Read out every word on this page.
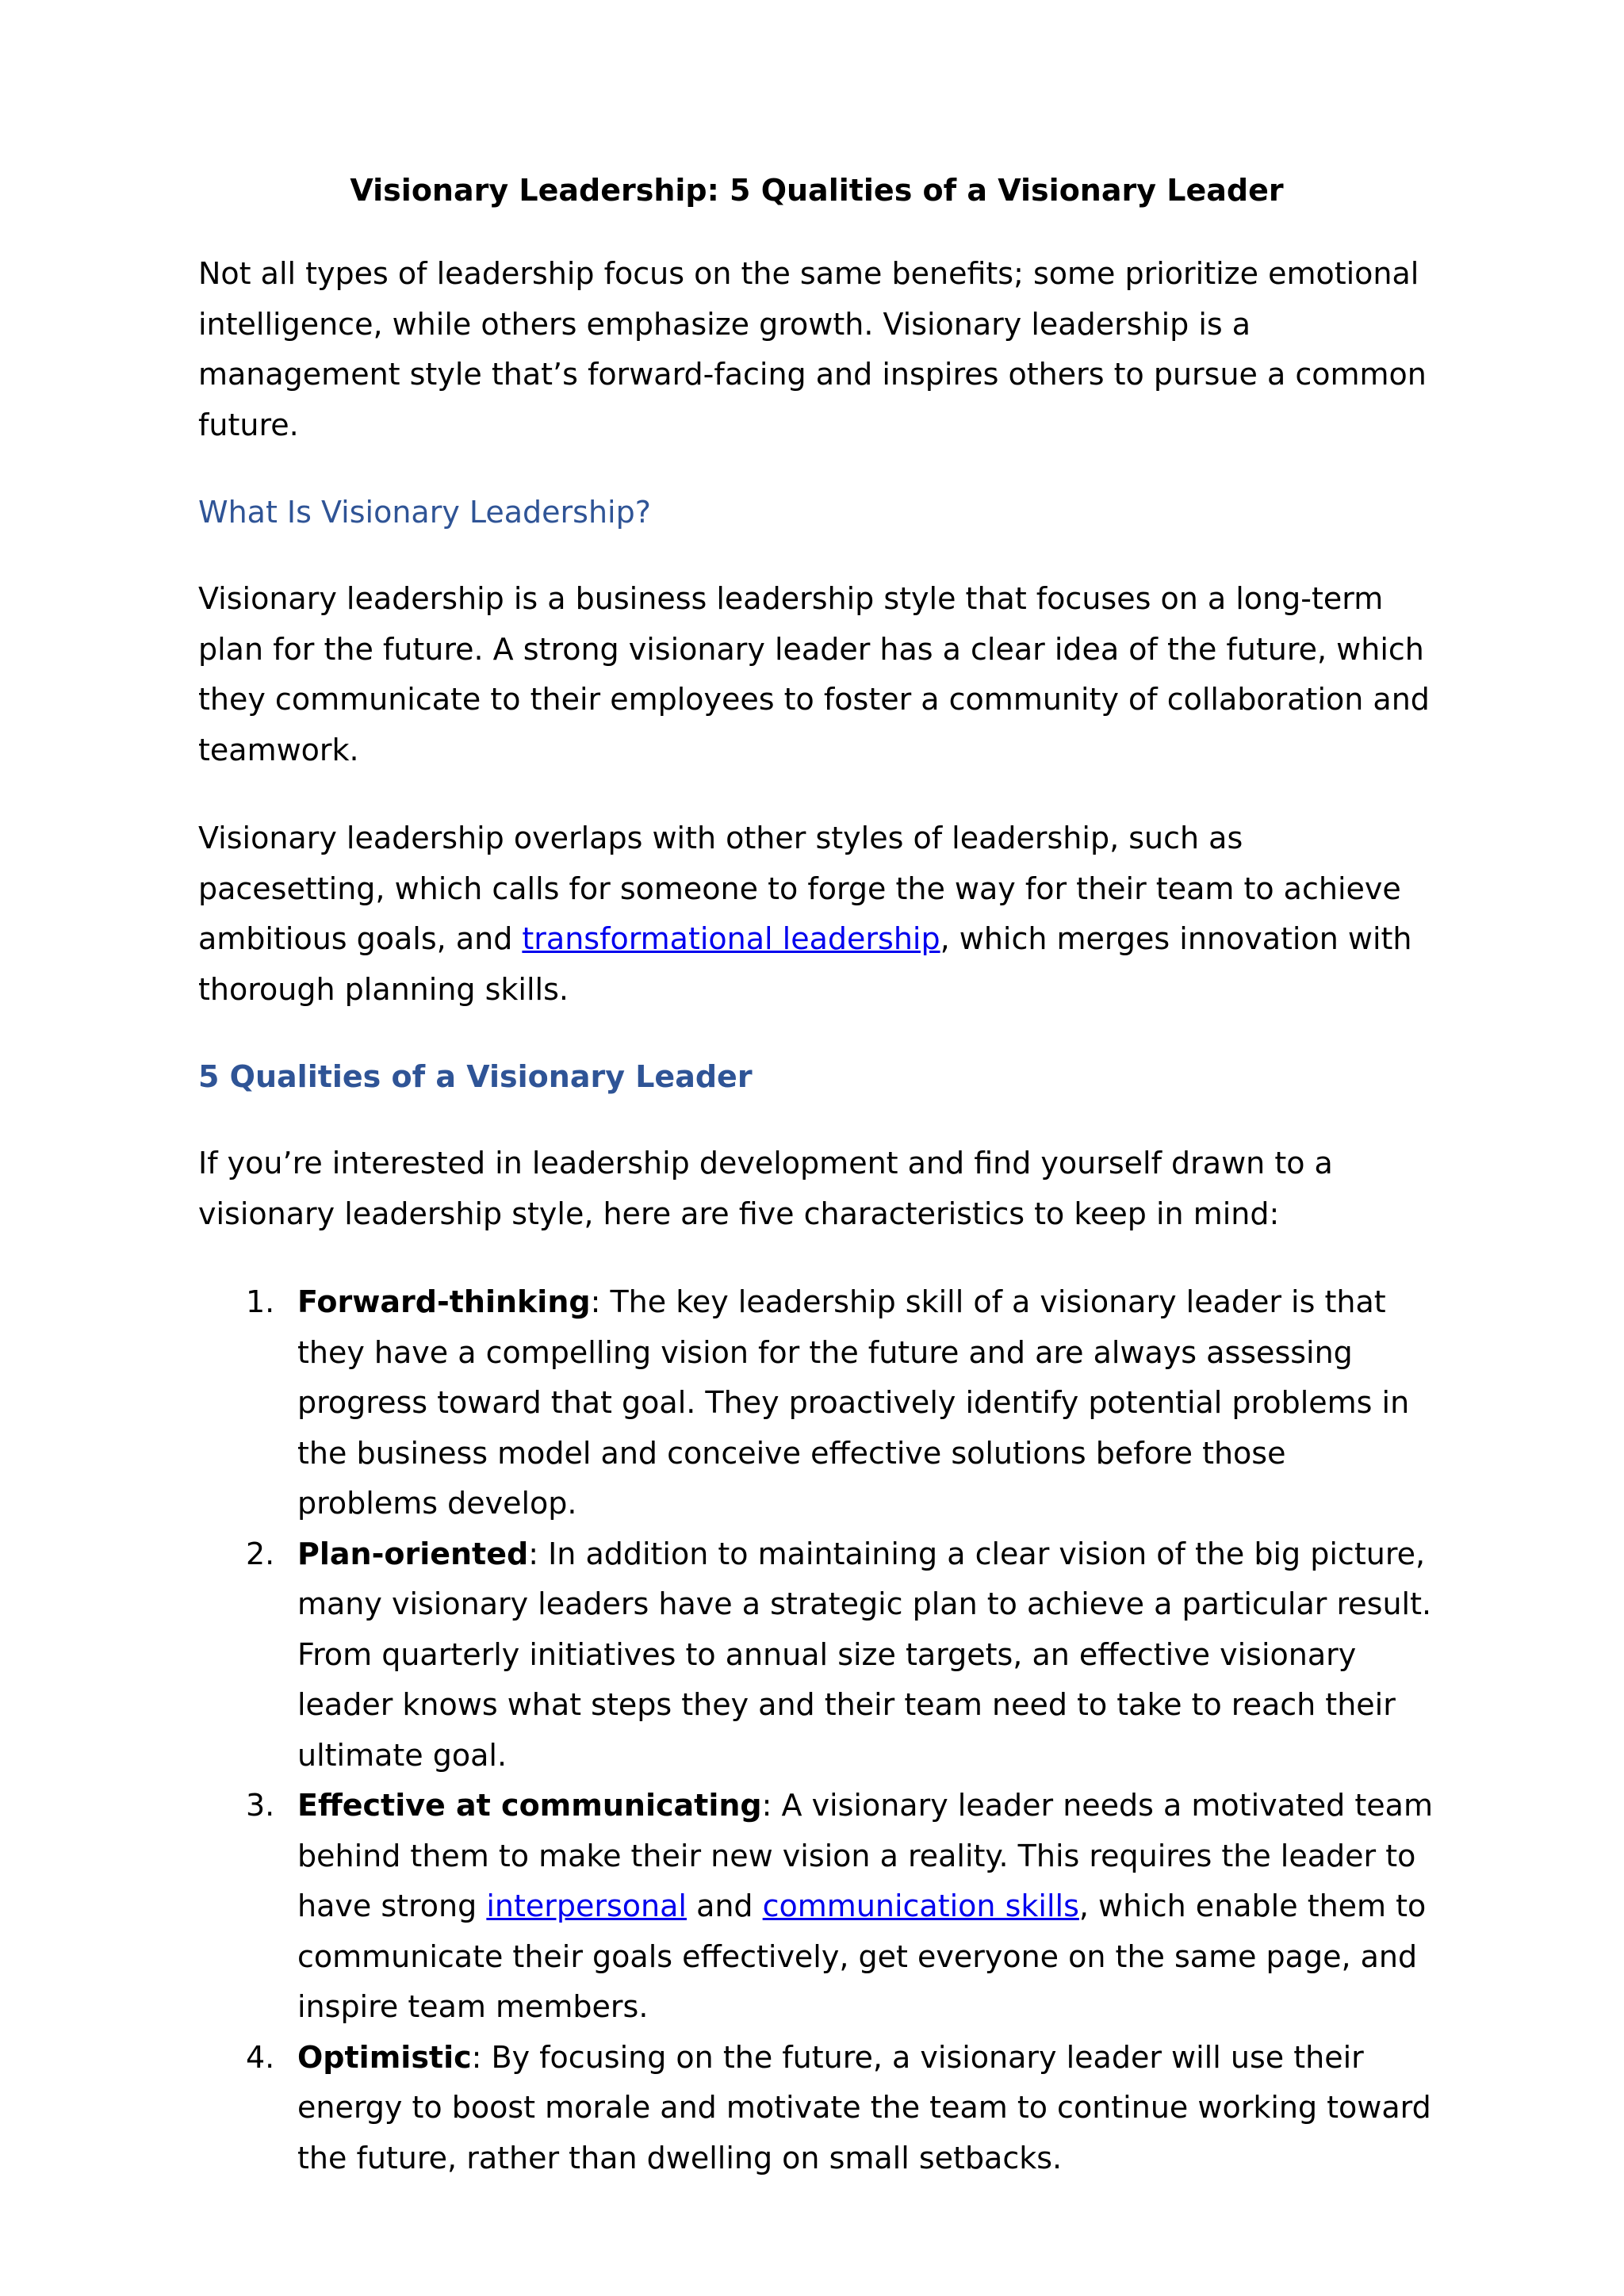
Visionary Leadership: 5 Qualities of a Visionary Leader

Not all types of leadership focus on the same benefits; some prioritize emotional intelligence, while others emphasize growth. Visionary leadership is a management style that’s forward-facing and inspires others to pursue a common future.

What Is Visionary Leadership?

Visionary leadership is a business leadership style that focuses on a long-term plan for the future. A strong visionary leader has a clear idea of the future, which they communicate to their employees to foster a community of collaboration and teamwork.

Visionary leadership overlaps with other styles of leadership, such as pacesetting, which calls for someone to forge the way for their team to achieve ambitious goals, and transformational leadership, which merges innovation with thorough planning skills.

5 Qualities of a Visionary Leader

If you’re interested in leadership development and find yourself drawn to a visionary leadership style, here are five characteristics to keep in mind:

1. Forward-thinking: The key leadership skill of a visionary leader is that they have a compelling vision for the future and are always assessing progress toward that goal. They proactively identify potential problems in the business model and conceive effective solutions before those problems develop.
2. Plan-oriented: In addition to maintaining a clear vision of the big picture, many visionary leaders have a strategic plan to achieve a particular result. From quarterly initiatives to annual size targets, an effective visionary leader knows what steps they and their team need to take to reach their ultimate goal.
3. Effective at communicating: A visionary leader needs a motivated team behind them to make their new vision a reality. This requires the leader to have strong interpersonal and communication skills, which enable them to communicate their goals effectively, get everyone on the same page, and inspire team members.
4. Optimistic: By focusing on the future, a visionary leader will use their energy to boost morale and motivate the team to continue working toward the future, rather than dwelling on small setbacks.
